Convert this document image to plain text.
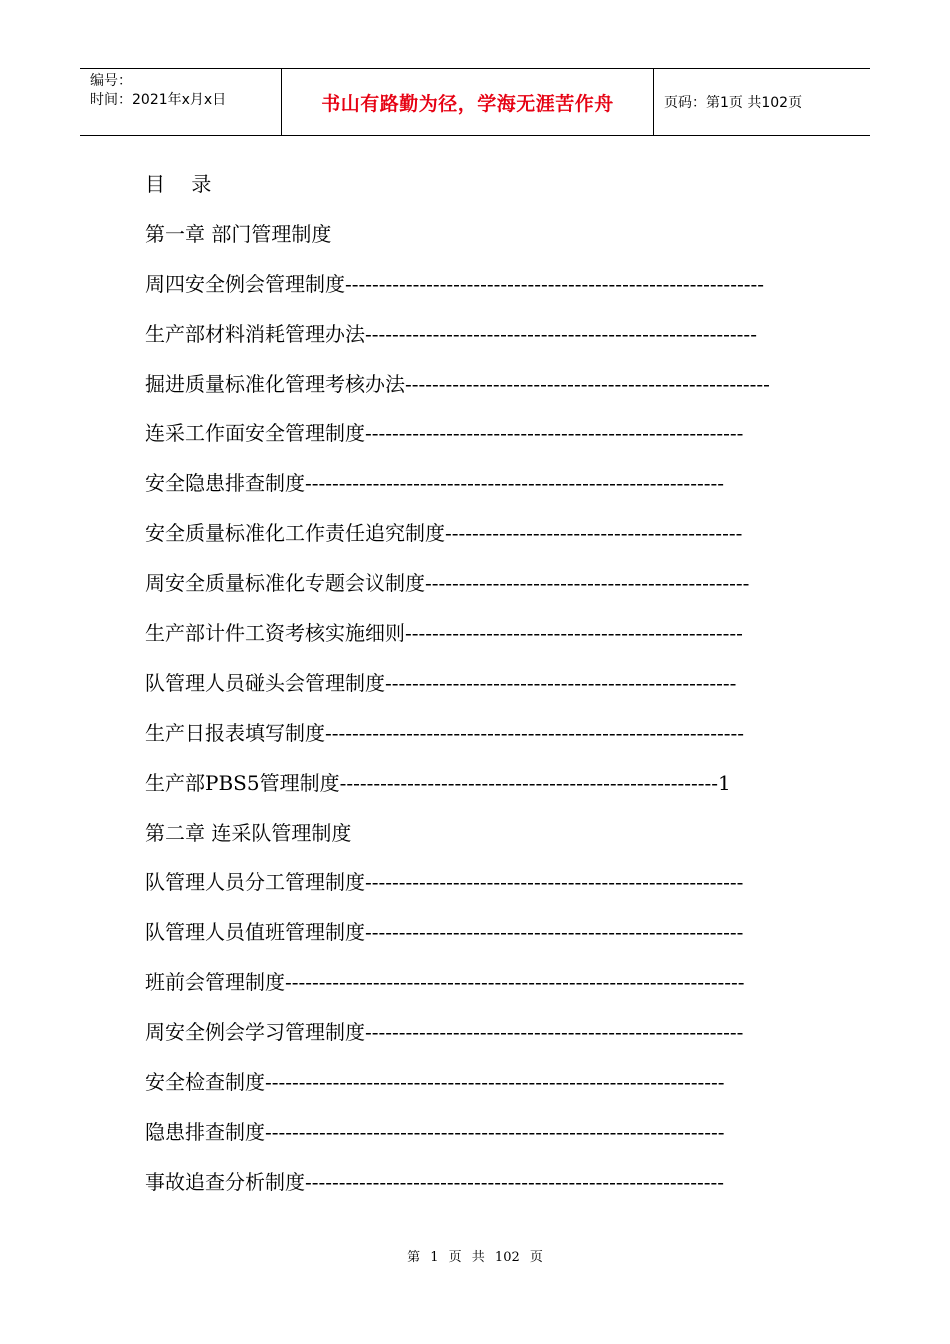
编号：
时间：2021年x月x日	书山有路勤为径，学海无涯苦作舟	页码：第1页 共102页
目 录
第一章 部门管理制度
周四安全例会管理制度--------------------------------------------------------------
生产部材料消耗管理办法----------------------------------------------------------
掘进质量标准化管理考核办法------------------------------------------------------
连采工作面安全管理制度--------------------------------------------------------
安全隐患排查制度--------------------------------------------------------------
安全质量标准化工作责任追究制度--------------------------------------------
周安全质量标准化专题会议制度------------------------------------------------
生产部计件工资考核实施细则--------------------------------------------------
队管理人员碰头会管理制度----------------------------------------------------
生产日报表填写制度--------------------------------------------------------------
生产部PBS5管理制度--------------------------------------------------------1
第二章 连采队管理制度
队管理人员分工管理制度--------------------------------------------------------
队管理人员值班管理制度--------------------------------------------------------
班前会管理制度--------------------------------------------------------------------
周安全例会学习管理制度--------------------------------------------------------
安全检查制度--------------------------------------------------------------------
隐患排查制度--------------------------------------------------------------------
事故追查分析制度--------------------------------------------------------------
第 1 页 共 102 页
